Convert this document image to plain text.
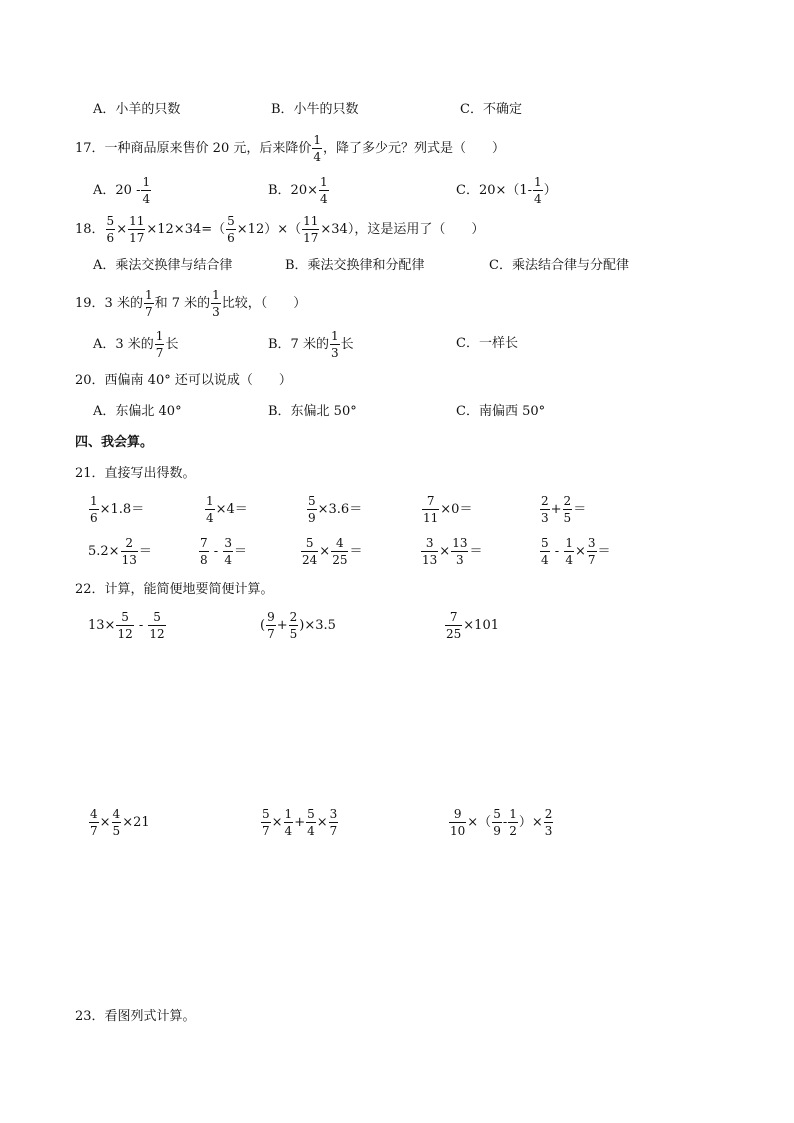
A．小羊的只数	B．小牛的只数	C．不确定
17．一种商品原来售价 20 元，后来降价 $\frac{1}{4}$ ，降了多少元？列式是（　　）
A．$20 - \frac{1}{4}$	B．$20\times \frac{1}{4}$	C．$20\times(1- \frac{1}{4}$ ）
18． $\frac{5}{6} \times \frac{11}{17} \times 12\times 34=( \frac{5}{6} \times 12)\times( \frac{11}{17} \times 34)$，这是运用了（　　）
A．乘法交换律与结合律	B．乘法交换律和分配律	C．乘法结合律与分配律
19．3 米的 $\frac{1}{7}$ 和 7 米的 $\frac{1}{3}$ 比较，（　　）
A．3 米的 $\frac{1}{7}$ 长	B．7 米的 $\frac{1}{3}$ 长	C．一样长
20．西偏南 40° 还可以说成（　　）
A．东偏北 40°	B．东偏北 50°	C．南偏西 50°
四、我会算。
21．直接写出得数。
$\frac{1}{6} \times 1.8=$	$\frac{1}{4} \times 4=$	$\frac{5}{9} \times 3.6=$	$\frac{7}{11} \times 0=$	$\frac{2}{3} + \frac{2}{5}$ ＝
$5.2\times \frac{2}{13}$ ＝	$\frac{7}{8} - \frac{3}{4}$ ＝	$\frac{5}{24} \times \frac{4}{25}$ ＝	$\frac{3}{13} \times \frac{13}{3}$ ＝	$\frac{5}{4} - \frac{1}{4} \times \frac{3}{7}$ ＝
22．计算，能简便地要简便计算。
$13\times \frac{5}{12} - \frac{5}{12}$	( $\frac{9}{7} + \frac{2}{5} )\times 3.5$	$\frac{7}{25} \times 101$
$\frac{4}{7} \times \frac{4}{5} \times 21$	$\frac{5}{7} \times \frac{1}{4} + \frac{5}{4} \times \frac{3}{7}$	$\frac{9}{10}$ ×（ $\frac{5}{9} - \frac{1}{2}$ ）× $\frac{2}{3}$
23．看图列式计算。
